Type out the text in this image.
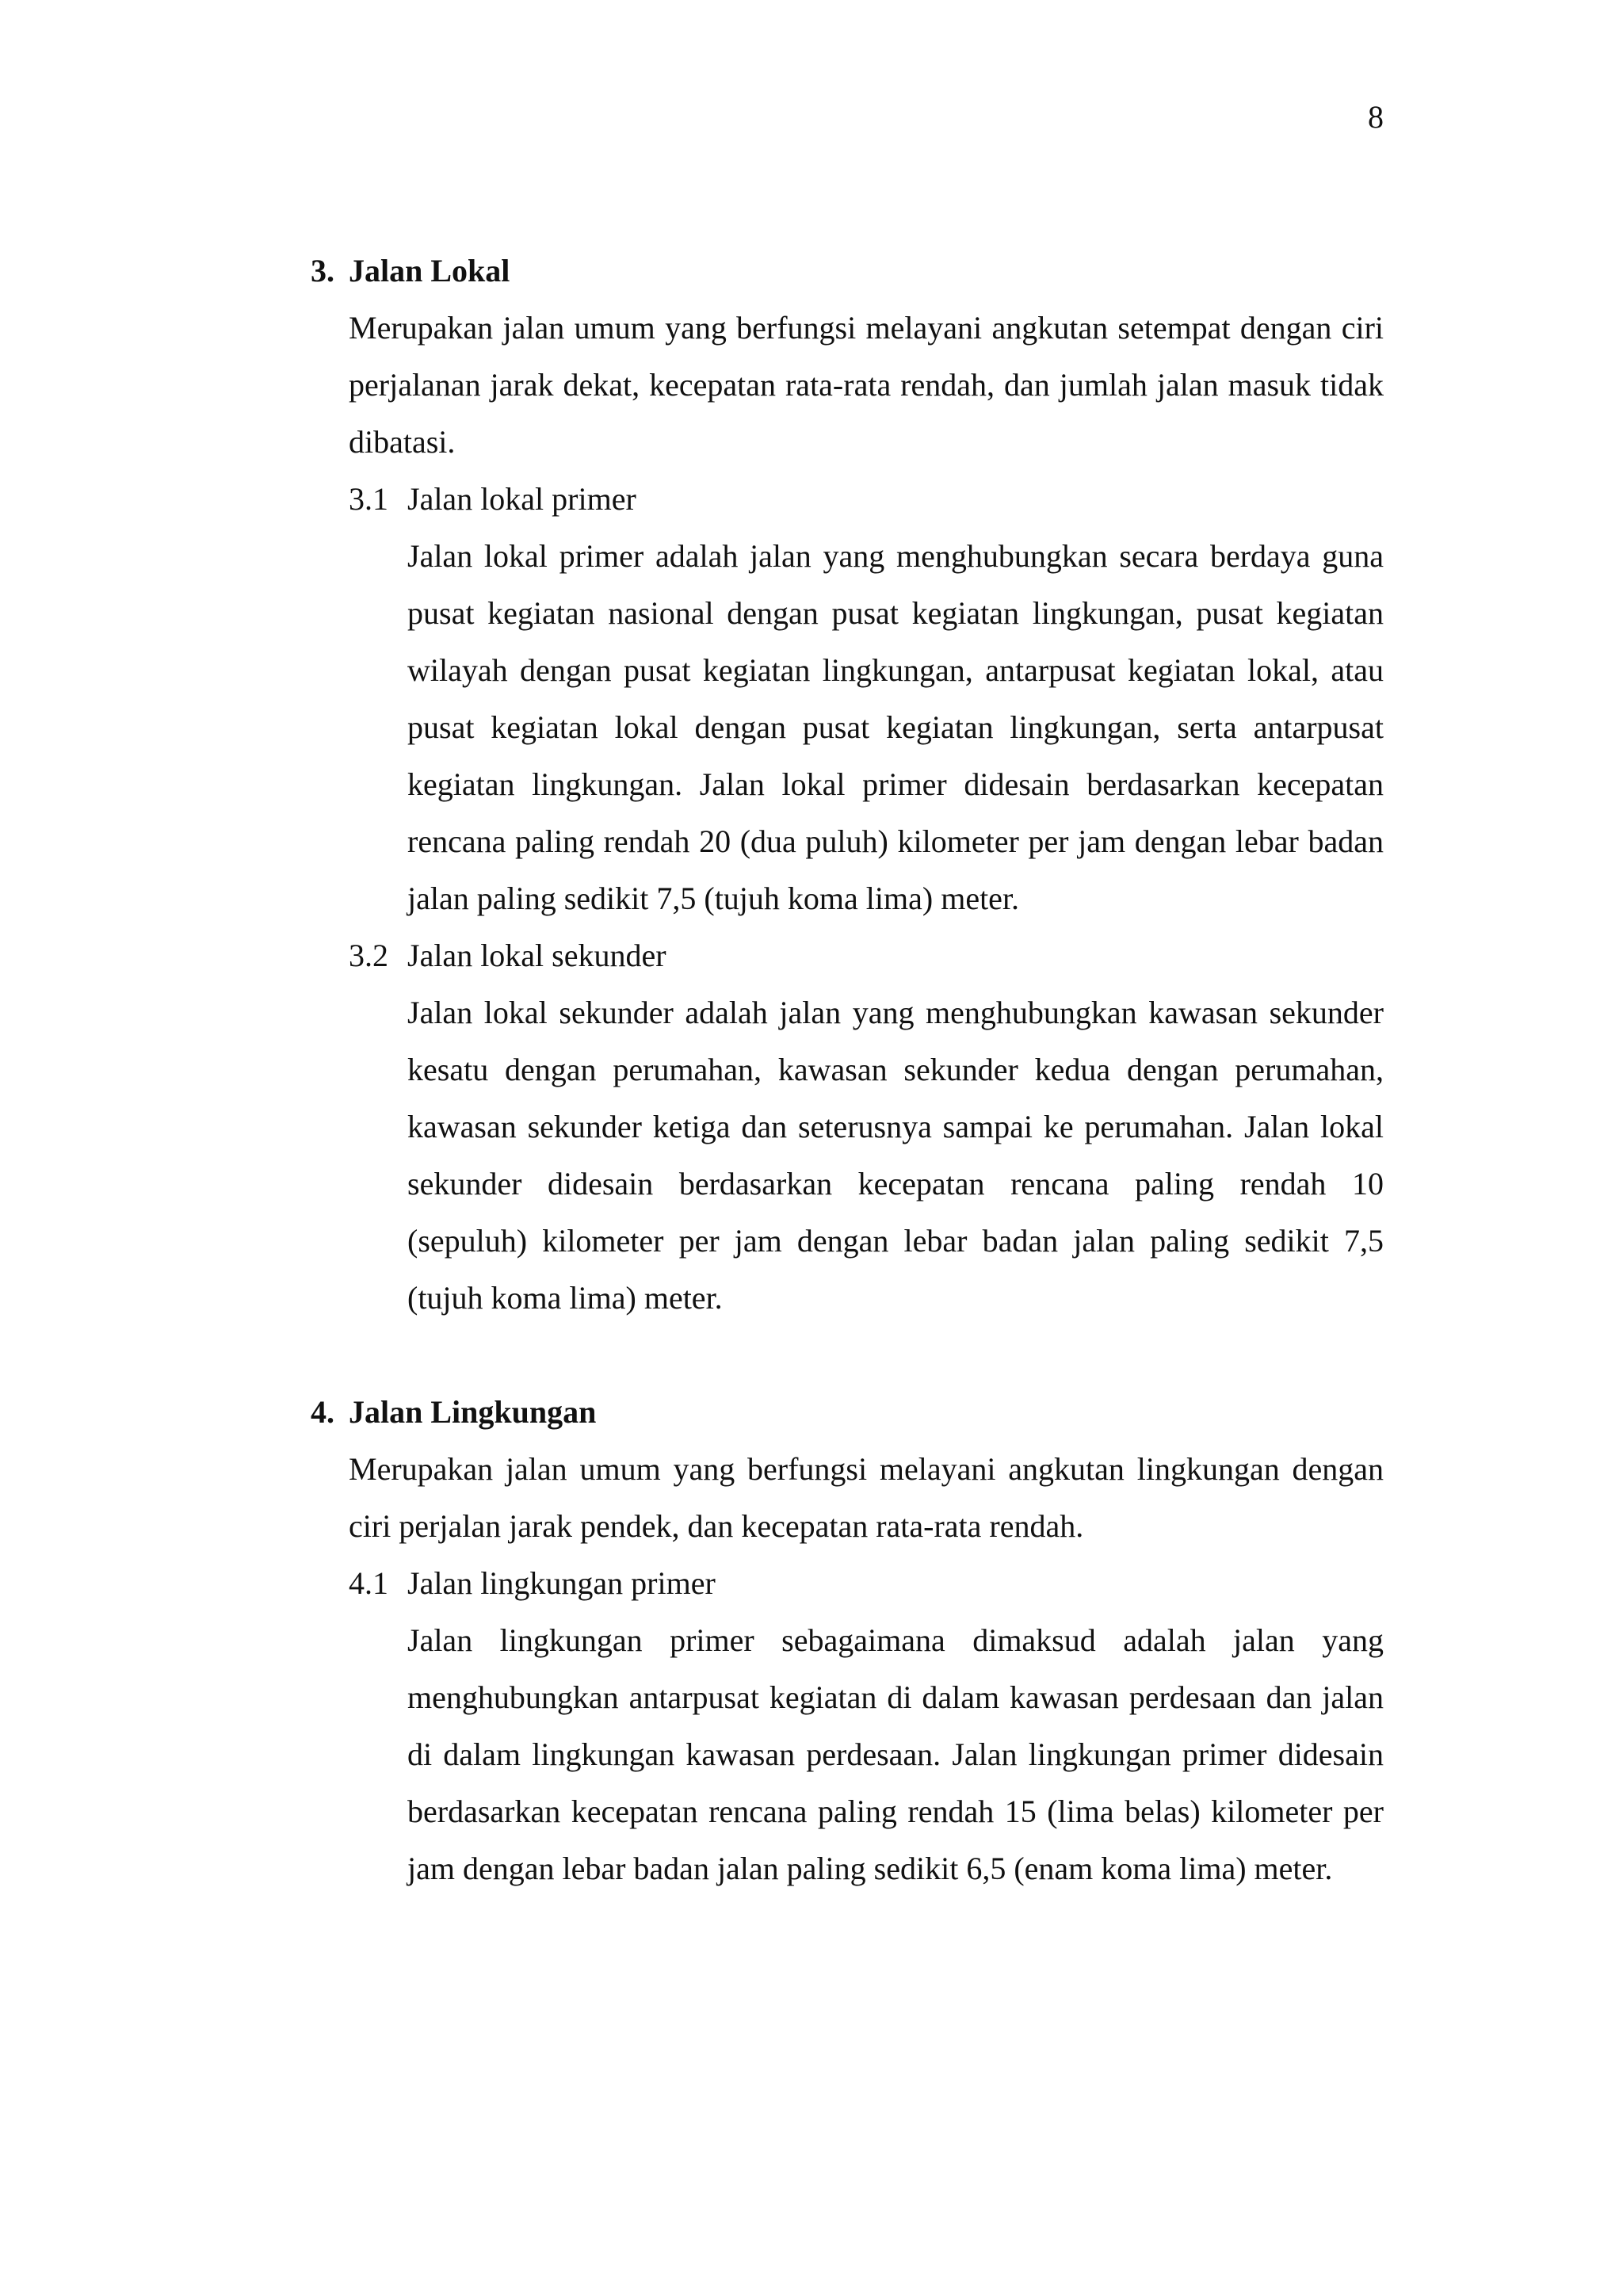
8
3. Jalan Lokal

Merupakan jalan umum yang berfungsi melayani angkutan setempat dengan ciri perjalanan jarak dekat, kecepatan rata-rata rendah, dan jumlah jalan masuk tidak dibatasi.

3.1 Jalan lokal primer

Jalan lokal primer adalah jalan yang menghubungkan secara berdaya guna pusat kegiatan nasional dengan pusat kegiatan lingkungan, pusat kegiatan wilayah dengan pusat kegiatan lingkungan, antarpusat kegiatan lokal, atau pusat kegiatan lokal dengan pusat kegiatan lingkungan, serta antarpusat kegiatan lingkungan. Jalan lokal primer didesain berdasarkan kecepatan rencana paling rendah 20 (dua puluh) kilometer per jam dengan lebar badan jalan paling sedikit 7,5 (tujuh koma lima) meter.

3.2 Jalan lokal sekunder

Jalan lokal sekunder adalah jalan yang menghubungkan kawasan sekunder kesatu dengan perumahan, kawasan sekunder kedua dengan perumahan, kawasan sekunder ketiga dan seterusnya sampai ke perumahan. Jalan lokal sekunder didesain berdasarkan kecepatan rencana paling rendah 10 (sepuluh) kilometer per jam dengan lebar badan jalan paling sedikit 7,5 (tujuh koma lima) meter.

4. Jalan Lingkungan

Merupakan jalan umum yang berfungsi melayani angkutan lingkungan dengan ciri perjalan jarak pendek, dan kecepatan rata-rata rendah.

4.1 Jalan lingkungan primer

Jalan lingkungan primer sebagaimana dimaksud adalah jalan yang menghubungkan antarpusat kegiatan di dalam kawasan perdesaan dan jalan di dalam lingkungan kawasan perdesaan. Jalan lingkungan primer didesain berdasarkan kecepatan rencana paling rendah 15 (lima belas) kilometer per jam dengan lebar badan jalan paling sedikit 6,5 (enam koma lima) meter.
